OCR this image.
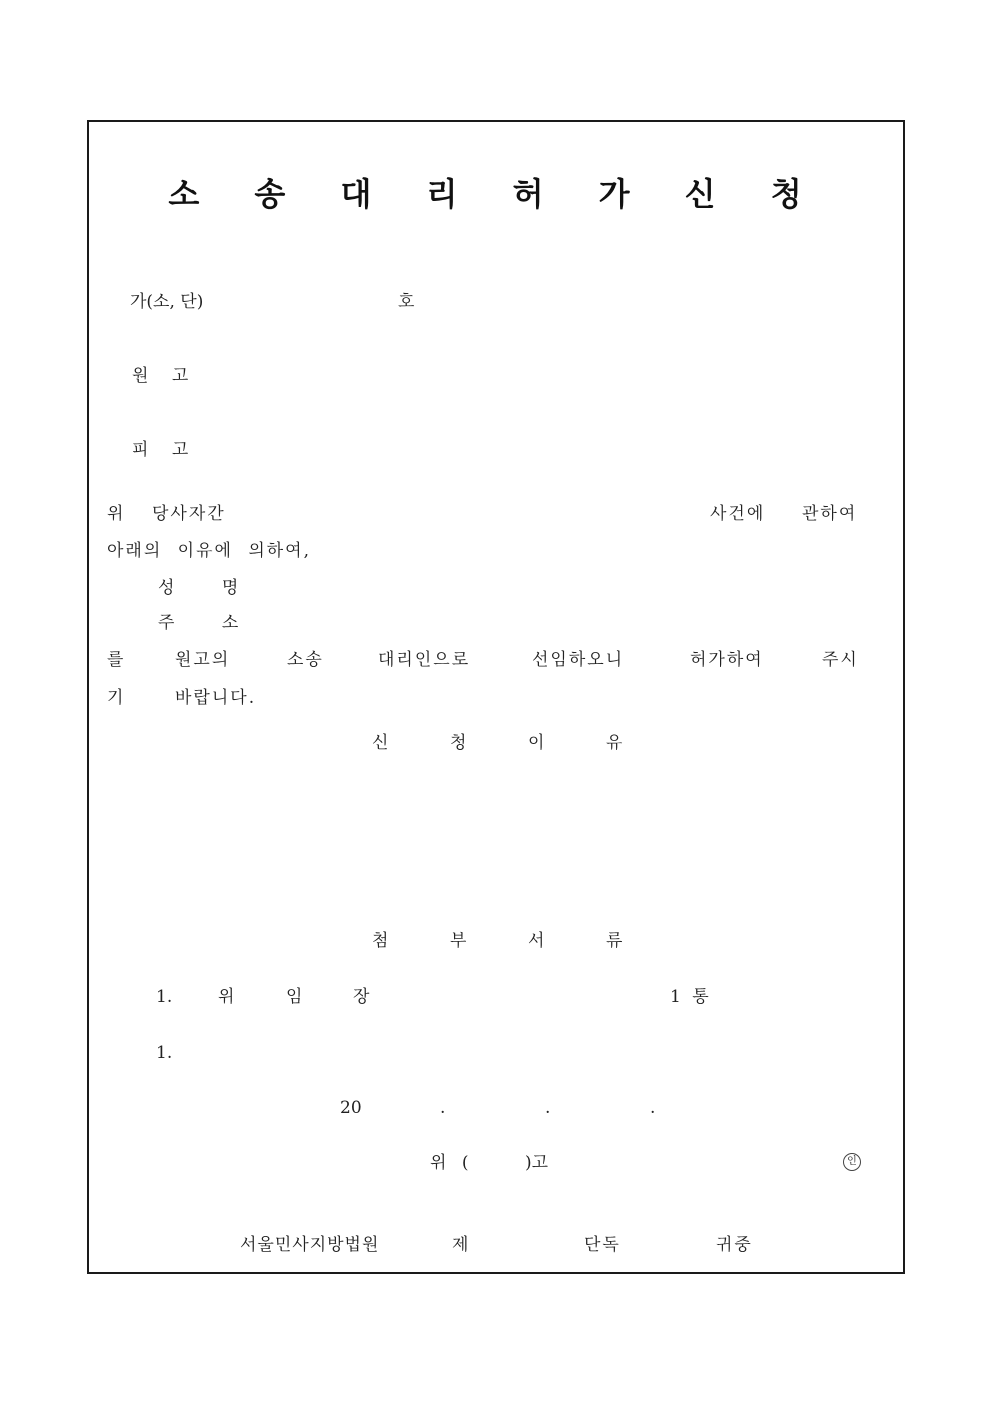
소 송 대 리 허 가 신 청
가(소, 단)	호
원 고
피 고
위 당사자간	사건에 관하여
아래의 이유에 의하여,
성 명
주 소
를	원고의	소송	대리인으로	선임하오니	허가하여	주시
기	바랍니다.
신	청	이	유
첨	부	서	류
1.	위	임	장	1 통
1.
20	.	.	.
위 (	)고	인
서울민사지방법원	제	단독	귀중
